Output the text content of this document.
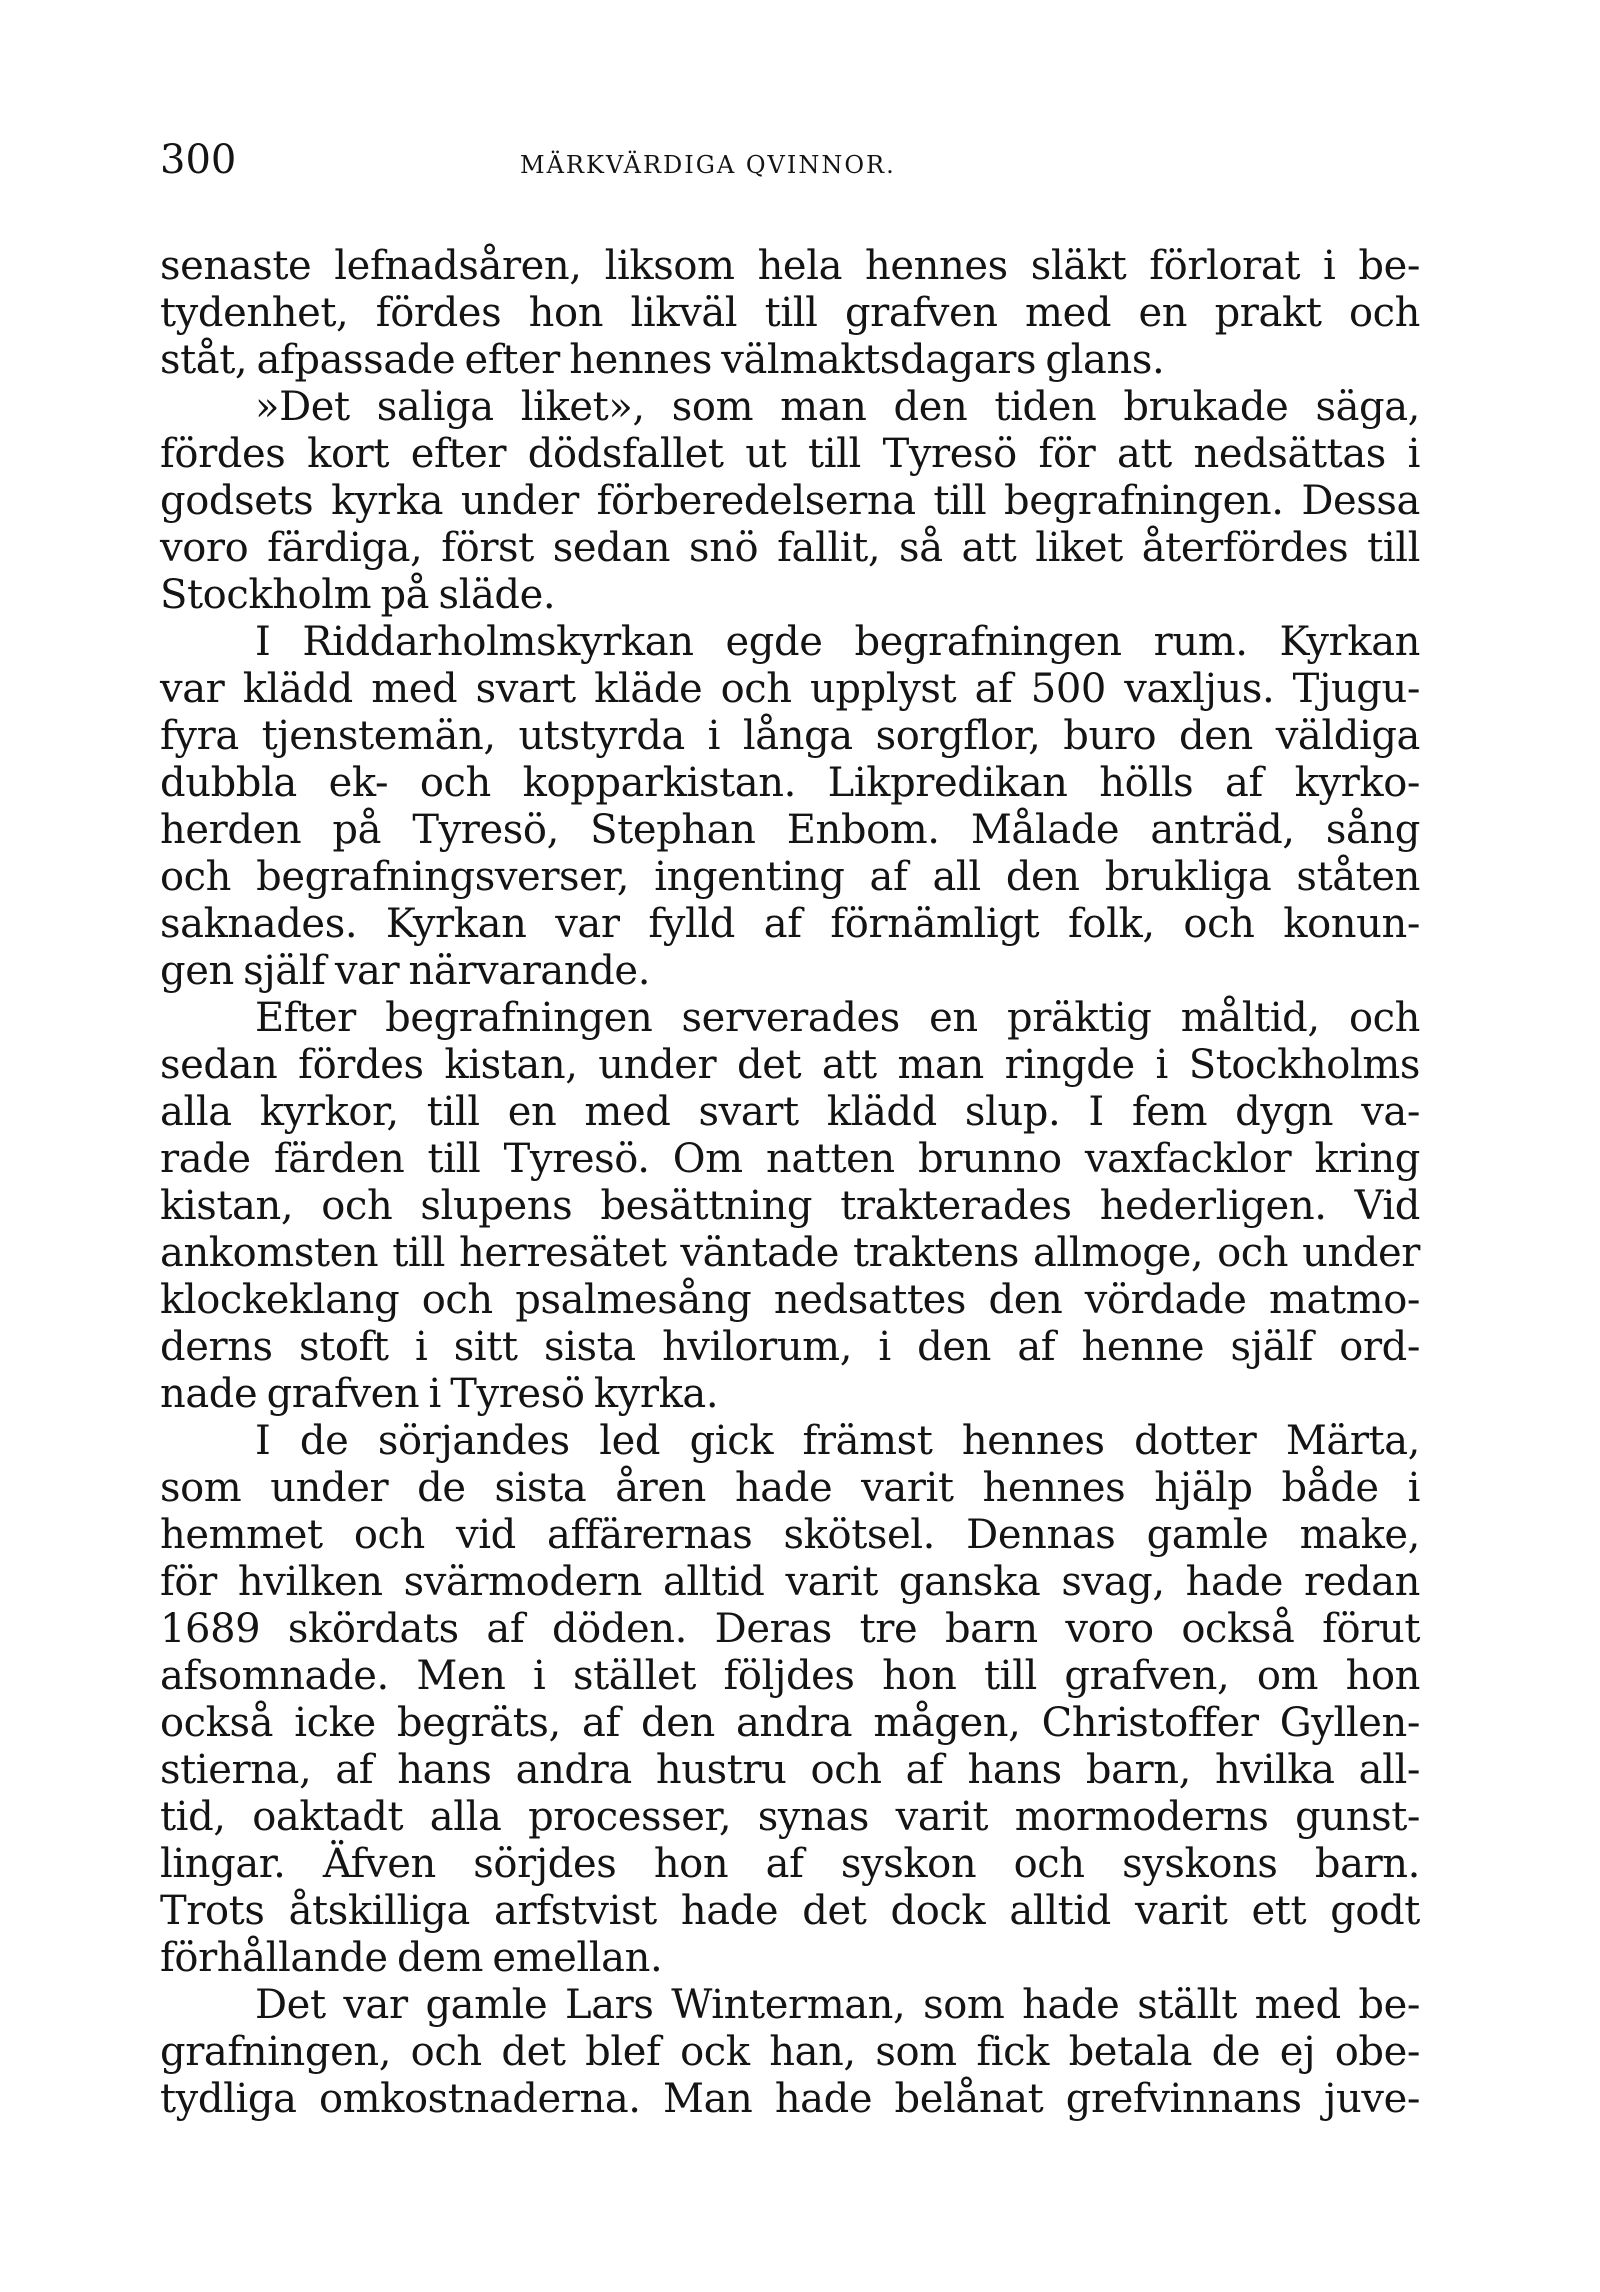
300	MÄRKVÄRDIGA QVINNOR.
senaste lefnadsåren, liksom hela hennes släkt förlorat i be-
tydenhet, fördes hon likväl till grafven med en prakt och
ståt, afpassade efter hennes välmaktsdagars glans.
»Det saliga liket», som man den tiden brukade säga,
fördes kort efter dödsfallet ut till Tyresö för att nedsättas i
godsets kyrka under förberedelserna till begrafningen. Dessa
voro färdiga, först sedan snö fallit, så att liket återfördes till
Stockholm på släde.
I Riddarholmskyrkan egde begrafningen rum. Kyrkan
var klädd med svart kläde och upplyst af 500 vaxljus. Tjugu-
fyra tjenstemän, utstyrda i långa sorgflor, buro den väldiga
dubbla ek- och kopparkistan. Likpredikan hölls af kyrko-
herden på Tyresö, Stephan Enbom. Målade anträd, sång
och begrafningsverser, ingenting af all den brukliga ståten
saknades. Kyrkan var fylld af förnämligt folk, och konun-
gen själf var närvarande.
Efter begrafningen serverades en präktig måltid, och
sedan fördes kistan, under det att man ringde i Stockholms
alla kyrkor, till en med svart klädd slup. I fem dygn va-
rade färden till Tyresö. Om natten brunno vaxfacklor kring
kistan, och slupens besättning trakterades hederligen. Vid
ankomsten till herresätet väntade traktens allmoge, och under
klockeklang och psalmesång nedsattes den vördade matmo-
derns stoft i sitt sista hvilorum, i den af henne själf ord-
nade grafven i Tyresö kyrka.
I de sörjandes led gick främst hennes dotter Märta,
som under de sista åren hade varit hennes hjälp både i
hemmet och vid affärernas skötsel. Dennas gamle make,
för hvilken svärmodern alltid varit ganska svag, hade redan
1689 skördats af döden. Deras tre barn voro också förut
afsomnade. Men i stället följdes hon till grafven, om hon
också icke begräts, af den andra mågen, Christoffer Gyllen-
stierna, af hans andra hustru och af hans barn, hvilka all-
tid, oaktadt alla processer, synas varit mormoderns gunst-
lingar. Äfven sörjdes hon af syskon och syskons barn.
Trots åtskilliga arfstvist hade det dock alltid varit ett godt
förhållande dem emellan.
Det var gamle Lars Winterman, som hade ställt med be-
grafningen, och det blef ock han, som fick betala de ej obe-
tydliga omkostnaderna. Man hade belånat grefvinnans juve-
